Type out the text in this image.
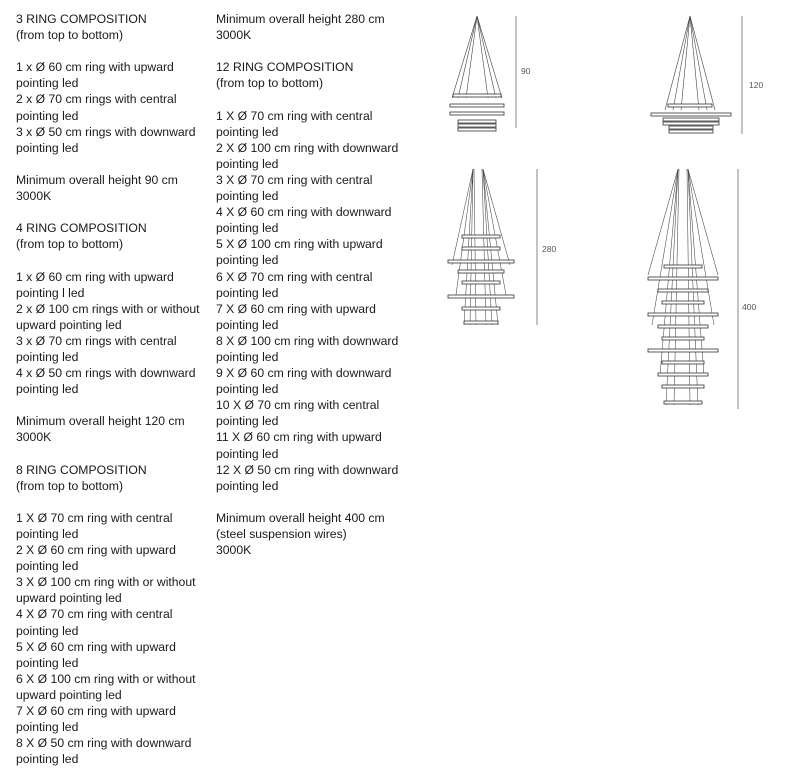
3 RING COMPOSITION
(from top to bottom)
1 x Ø 60 cm ring with upward
pointing led
2 x Ø 70 cm rings with central
pointing led
3 x Ø 50 cm rings with downward
pointing led
Minimum overall height 90 cm
3000K
4 RING COMPOSITION
(from top to bottom)
1 x Ø 60 cm ring with upward
pointing l led
2 x Ø 100 cm rings with or without
upward pointing led
3 x Ø 70 cm rings with central
pointing led
4 x Ø 50 cm rings with downward
pointing led
Minimum overall height 120 cm
3000K
8 RING COMPOSITION
(from top to bottom)
1 X Ø 70 cm ring with central
pointing led
2 X Ø 60 cm ring with upward
pointing led
3 X Ø 100 cm ring with or without
upward pointing led
4 X Ø 70 cm ring with central
pointing led
5 X Ø 60 cm ring with upward
pointing led
6 X Ø 100 cm ring with or without
upward pointing led
7 X Ø 60 cm ring with upward
pointing led
8 X Ø 50 cm ring with downward
pointing led
Minimum overall height 280 cm
3000K
12 RING COMPOSITION
(from top to bottom)
1 X Ø 70 cm ring with central
pointing led
2 X Ø 100 cm ring with downward
pointing led
3 X Ø 70 cm ring with central
pointing led
4 X Ø 60 cm ring with downward
pointing led
5 X Ø 100 cm ring with upward
pointing led
6 X Ø 70 cm ring with central
pointing led
7 X Ø 60 cm ring with upward
pointing led
8 X Ø 100 cm ring with downward
pointing led
9 X Ø 60 cm ring with downward
pointing led
10 X Ø 70 cm ring with central
pointing led
11 X Ø 60 cm ring with upward
pointing led
12 X Ø 50 cm ring with downward
pointing led
Minimum overall height 400 cm
(steel suspension wires)
3000K
90
120
280
400
